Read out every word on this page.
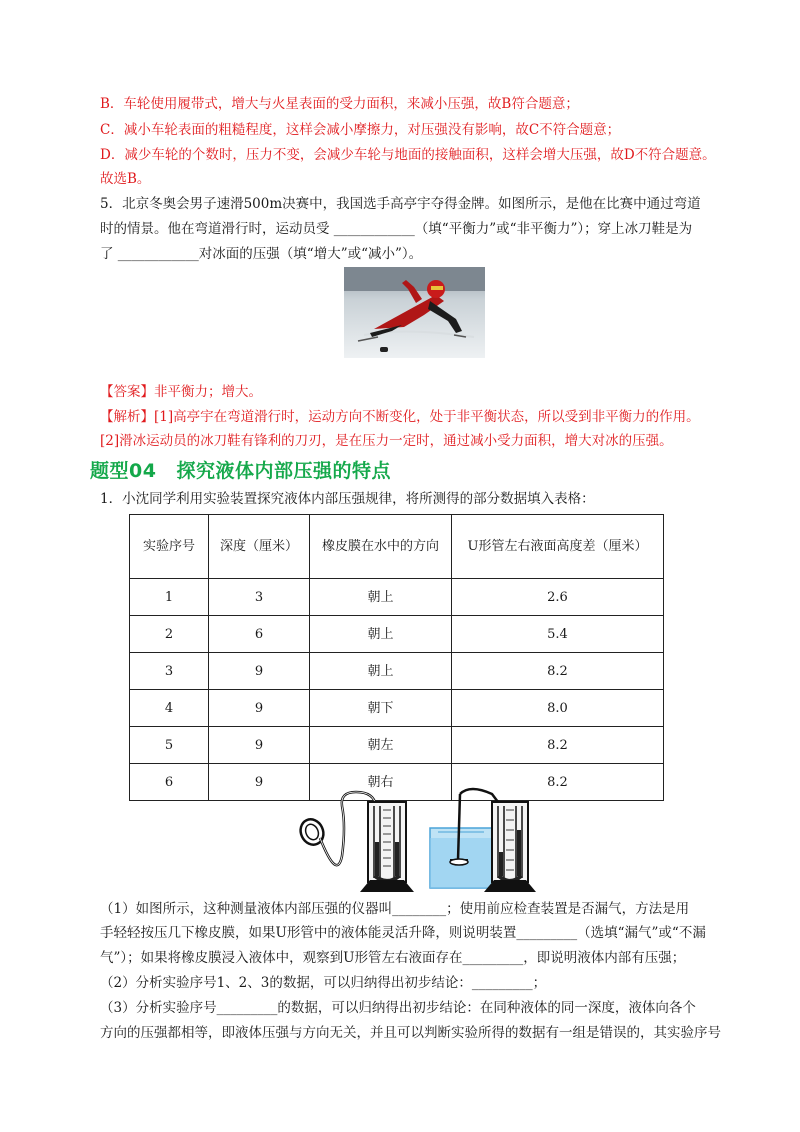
B．车轮使用履带式，增大与火星表面的受力面积，来减小压强，故B符合题意；
C．减小车轮表面的粗糙程度，这样会减小摩擦力，对压强没有影响，故C不符合题意；
D．减少车轮的个数时，压力不变，会减少车轮与地面的接触面积，这样会增大压强，故D不符合题意。
故选B。
5．北京冬奥会男子速滑500m决赛中，我国选手高亭宇夺得金牌。如图所示，是他在比赛中通过弯道
时的情景。他在弯道滑行时，运动员受 ____________（填“平衡力”或“非平衡力”）；穿上冰刀鞋是为
了 ____________对冰面的压强（填“增大”或“减小”）。
【答案】非平衡力；增大。
【解析】[1]高亭宇在弯道滑行时，运动方向不断变化，处于非平衡状态，所以受到非平衡力的作用。
[2]滑冰运动员的冰刀鞋有锋利的刀刃，是在压力一定时，通过减小受力面积，增大对冰的压强。
题型04 探究液体内部压强的特点
1．小沈同学利用实验装置探究液体内部压强规律，将所测得的部分数据填入表格：
实验序号	深度（厘米）	橡皮膜在水中的方向	U形管左右液面高度差（厘米）
1	3	朝上	2.6
2	6	朝上	5.4
3	9	朝上	8.2
4	9	朝下	8.0
5	9	朝左	8.2
6	9	朝右	8.2
（1）如图所示，这种测量液体内部压强的仪器叫________；使用前应检查装置是否漏气，方法是用
手轻轻按压几下橡皮膜，如果U形管中的液体能灵活升降，则说明装置_________（选填“漏气”或“不漏
气”）；如果将橡皮膜浸入液体中，观察到U形管左右液面存在_________，即说明液体内部有压强；
（2）分析实验序号1、2、3的数据，可以归纳得出初步结论：_________；
（3）分析实验序号_________的数据，可以归纳得出初步结论：在同种液体的同一深度，液体向各个
方向的压强都相等，即液体压强与方向无关，并且可以判断实验所得的数据有一组是错误的，其实验序号
